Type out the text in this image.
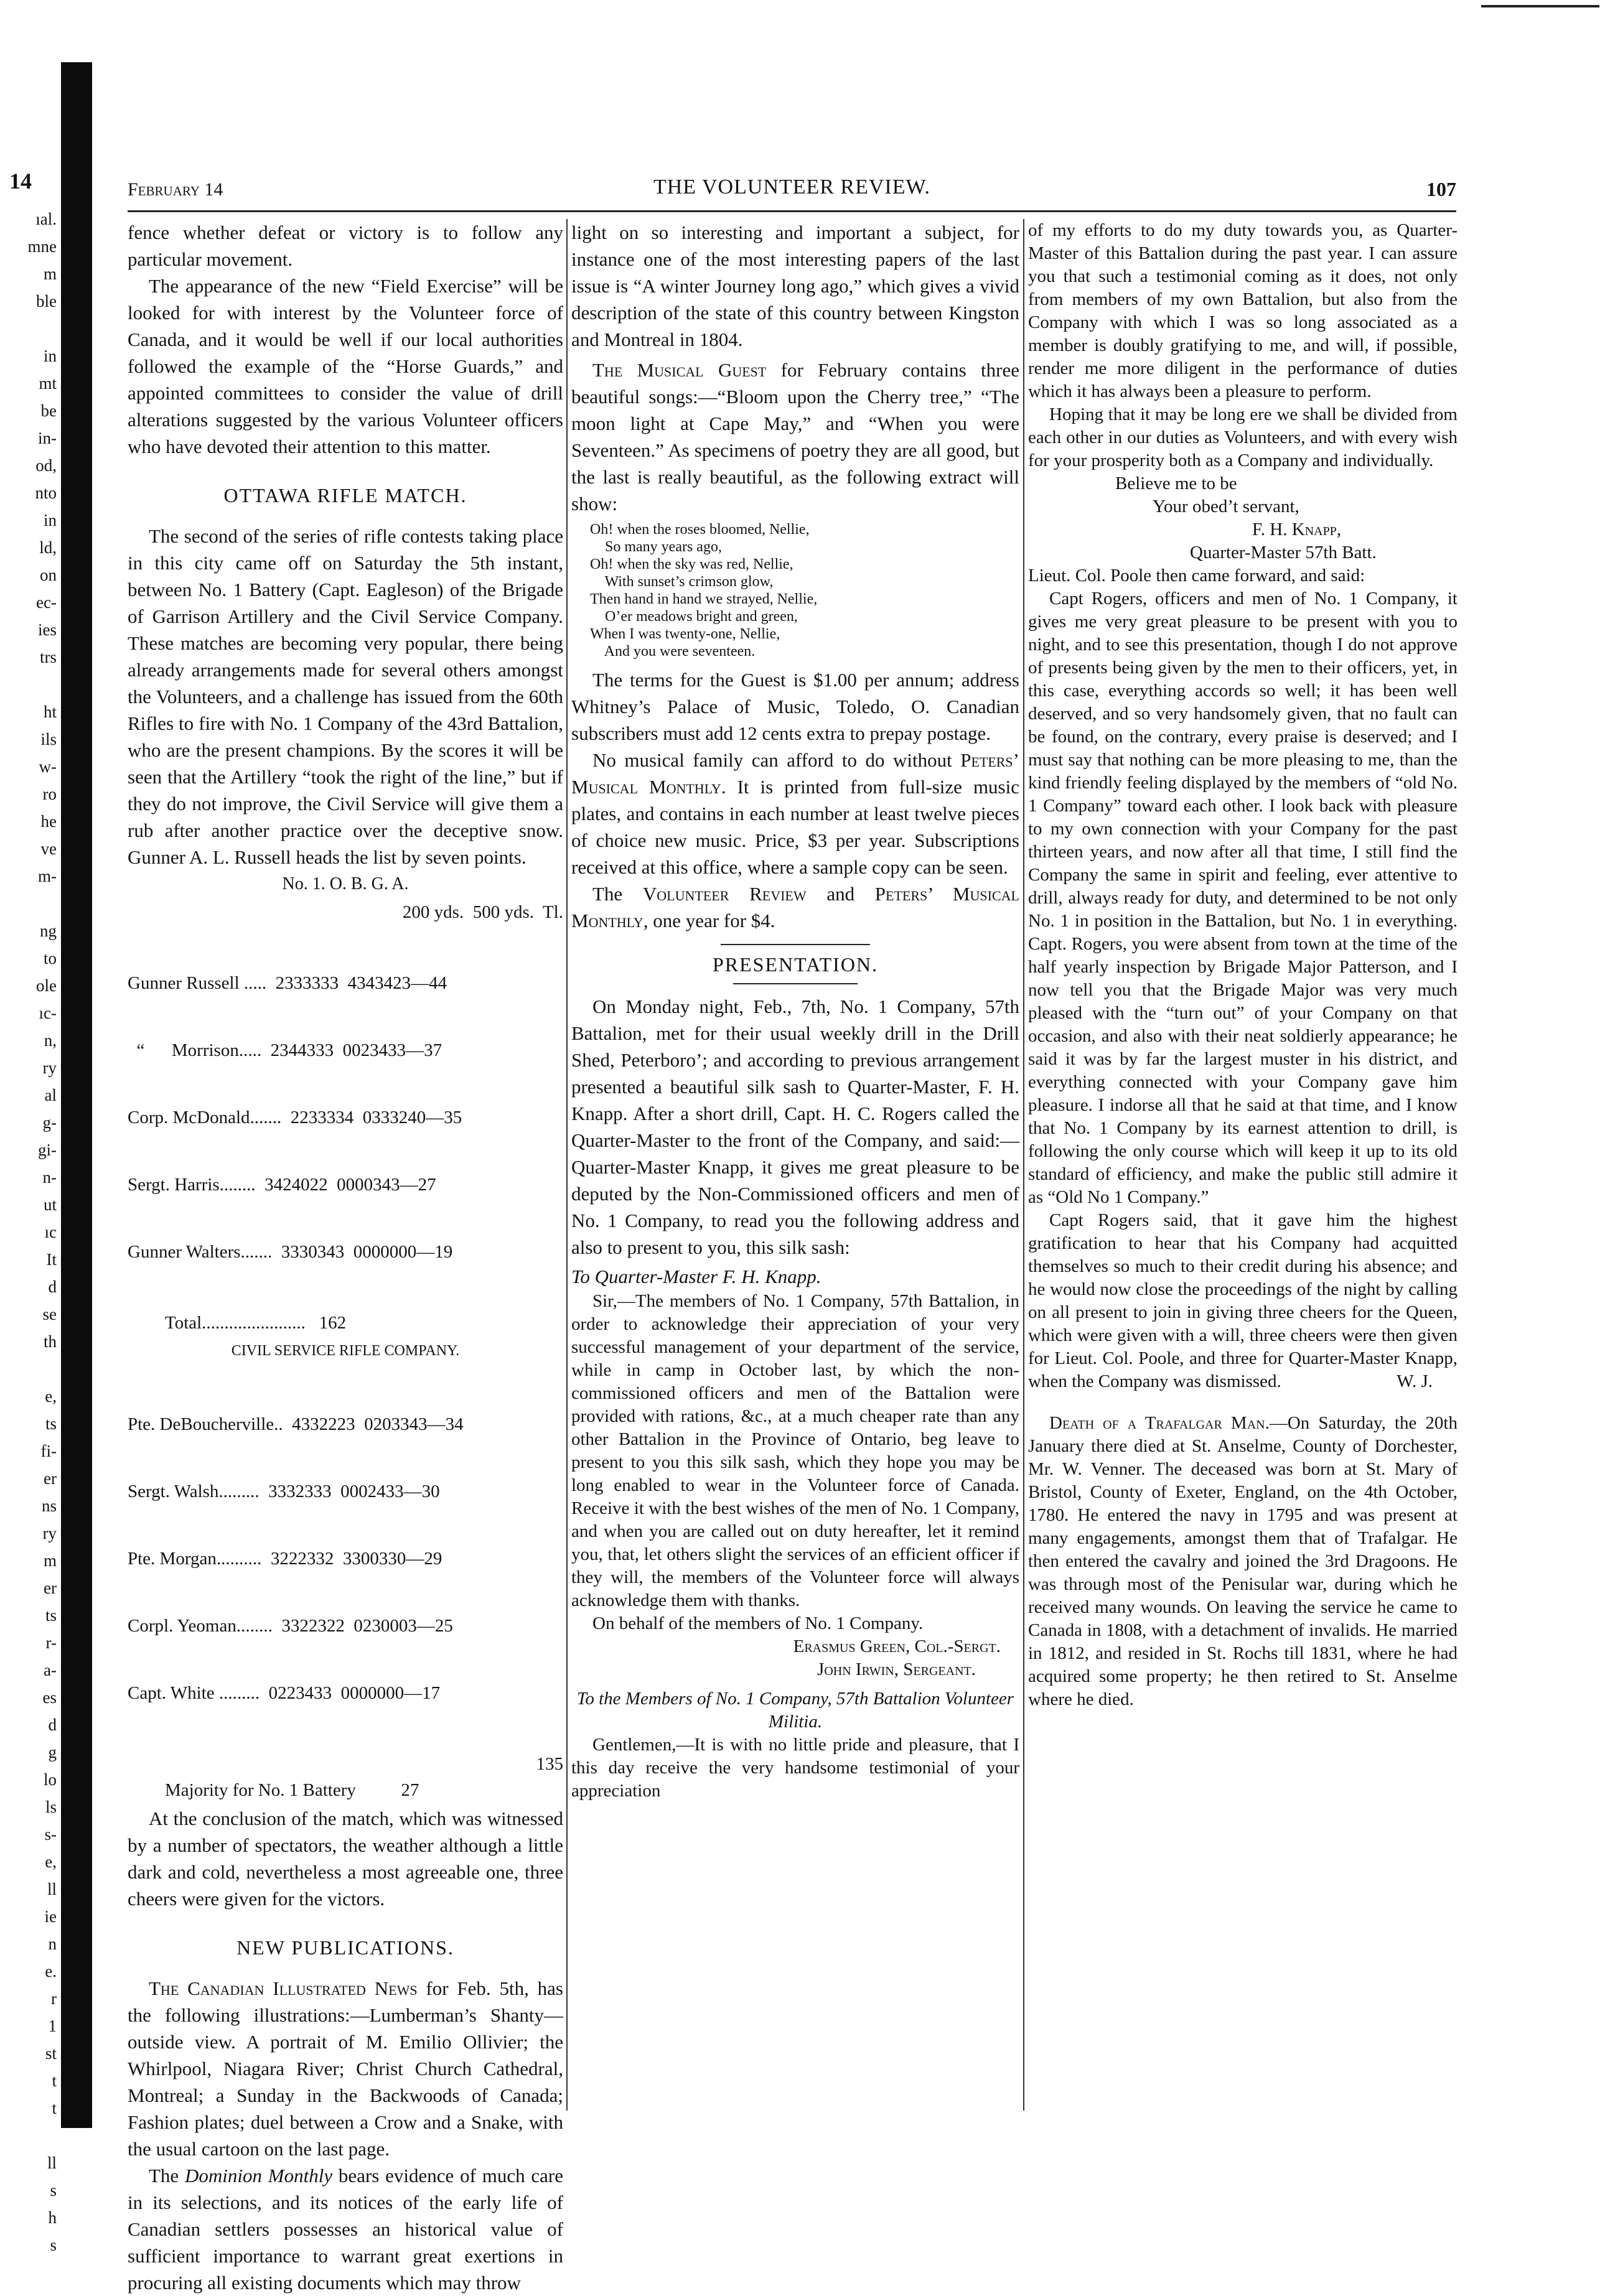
14
ıal.
mne
m
ble
in
mt
be
in-
od,
nto
in
ld,
on
ec-
ies
trs
ht
ils
w-
ro
he
ve
m-
ng
to
ole
ıc-
n,
ry
al
g-
gi-
n-
ut
ıc
It
d
se
th
e,
ts
fi-
er
ns
ry
m
er
ts
r-
a-
es
d
g
lo
ls
s-
e,
ll
ie
n
e.
r
1
st
t
t
ll
s
h
s
February 14	THE VOLUNTEER REVIEW.	107

fence whether defeat or victory is to follow any particular movement.

The appearance of the new “Field Exercise” will be looked for with interest by the Volunteer force of Canada, and it would be well if our local authorities followed the example of the “Horse Guards,” and appointed committees to consider the value of drill alterations suggested by the various Volunteer officers who have devoted their attention to this matter.

OTTAWA RIFLE MATCH.

The second of the series of rifle contests taking place in this city came off on Saturday the 5th instant, between No. 1 Battery (Capt. Eagleson) of the Brigade of Garrison Artillery and the Civil Service Company. These matches are becoming very popular, there being already arrangements made for several others amongst the Volunteers, and a challenge has issued from the 60th Rifles to fire with No. 1 Company of the 43rd Battalion, who are the present champions. By the scores it will be seen that the Artillery “took the right of the line,” but if they do not improve, the Civil Service will give them a rub after another practice over the deceptive snow. Gunner A. L. Russell heads the list by seven points.

No. 1. O. B. G. A.
200 yds.  500 yds.  Tl.

Gunner Russell .....  2333333  4343423—44

“      Morrison.....  2344333  0023433—37

Corp. McDonald.......  2233334  0333240—35

Sergt. Harris........  3424022  0000343—27

Gunner Walters.......  3330343  0000000—19

Total.......................   162
CIVIL SERVICE RIFLE COMPANY.

Pte. DeBoucherville..  4332223  0203343—34

Sergt. Walsh.........  3332333  0002433—30

Pte. Morgan..........  3222332  3300330—29

Corpl. Yeoman........  3322322  0230003—25

Capt. White .........  0223433  0000000—17

135
Majority for No. 1 Battery          27

At the conclusion of the match, which was witnessed by a number of spectators, the weather although a little dark and cold, nevertheless a most agreeable one, three cheers were given for the victors.

NEW PUBLICATIONS.

The Canadian Illustrated News for Feb. 5th, has the following illustrations:—Lumberman’s Shanty—outside view. A portrait of M. Emilio Ollivier; the Whirlpool, Niagara River; Christ Church Cathedral, Montreal; a Sunday in the Backwoods of Canada; Fashion plates; duel between a Crow and a Snake, with the usual cartoon on the last page.

The Dominion Monthly bears evidence of much care in its selections, and its notices of the early life of Canadian settlers possesses an historical value of sufficient importance to warrant great exertions in procuring all existing documents which may throw

light on so interesting and important a subject, for instance one of the most interesting papers of the last issue is “A winter Journey long ago,” which gives a vivid description of the state of this country between Kingston and Montreal in 1804.

The Musical Guest for February contains three beautiful songs:—“Bloom upon the Cherry tree,” “The moon light at Cape May,” and “When you were Seventeen.” As specimens of poetry they are all good, but the last is really beautiful, as the following extract will show:

Oh! when the roses bloomed, Nellie,
So many years ago,
Oh! when the sky was red, Nellie,
With sunset’s crimson glow,
Then hand in hand we strayed, Nellie,
O’er meadows bright and green,
When I was twenty-one, Nellie,
And you were seventeen.

The terms for the Guest is $1.00 per annum; address Whitney’s Palace of Music, Toledo, O. Canadian subscribers must add 12 cents extra to prepay postage.

No musical family can afford to do without Peters’ Musical Monthly. It is printed from full-size music plates, and contains in each number at least twelve pieces of choice new music. Price, $3 per year. Subscriptions received at this office, where a sample copy can be seen.

The Volunteer Review and Peters’ Musical Monthly, one year for $4.

PRESENTATION.

On Monday night, Feb., 7th, No. 1 Company, 57th Battalion, met for their usual weekly drill in the Drill Shed, Peterboro’; and according to previous arrangement presented a beautiful silk sash to Quarter-Master, F. H. Knapp. After a short drill, Capt. H. C. Rogers called the Quarter-Master to the front of the Company, and said:—Quarter-Master Knapp, it gives me great pleasure to be deputed by the Non-Commissioned officers and men of No. 1 Company, to read you the following address and also to present to you, this silk sash:

To Quarter-Master F. H. Knapp.

Sir,—The members of No. 1 Company, 57th Battalion, in order to acknowledge their appreciation of your very successful management of your department of the service, while in camp in October last, by which the non-commissioned officers and men of the Battalion were provided with rations, &c., at a much cheaper rate than any other Battalion in the Province of Ontario, beg leave to present to you this silk sash, which they hope you may be long enabled to wear in the Volunteer force of Canada. Receive it with the best wishes of the men of No. 1 Company, and when you are called out on duty hereafter, let it remind you, that, let others slight the services of an efficient officer if they will, the members of the Volunteer force will always acknowledge them with thanks.

On behalf of the members of No. 1 Company.

Erasmus Green, Col.-Sergt.
John Irwin, Sergeant.

To the Members of No. 1 Company, 57th Battalion Volunteer Militia.

Gentlemen,—It is with no little pride and pleasure, that I this day receive the very handsome testimonial of your appreciation

of my efforts to do my duty towards you, as Quarter-Master of this Battalion during the past year. I can assure you that such a testimonial coming as it does, not only from members of my own Battalion, but also from the Company with which I was so long associated as a member is doubly gratifying to me, and will, if possible, render me more diligent in the performance of duties which it has always been a pleasure to perform.

Hoping that it may be long ere we shall be divided from each other in our duties as Volunteers, and with every wish for your prosperity both as a Company and individually.

Believe me to be
Your obed’t servant,
F. H. Knapp,
Quarter-Master 57th Batt.

Lieut. Col. Poole then came forward, and said:

Capt Rogers, officers and men of No. 1 Company, it gives me very great pleasure to be present with you to night, and to see this presentation, though I do not approve of presents being given by the men to their officers, yet, in this case, everything accords so well; it has been well deserved, and so very handsomely given, that no fault can be found, on the contrary, every praise is deserved; and I must say that nothing can be more pleasing to me, than the kind friendly feeling displayed by the members of “old No. 1 Company” toward each other. I look back with pleasure to my own connection with your Company for the past thirteen years, and now after all that time, I still find the Company the same in spirit and feeling, ever attentive to drill, always ready for duty, and determined to be not only No. 1 in position in the Battalion, but No. 1 in everything. Capt. Rogers, you were absent from town at the time of the half yearly inspection by Brigade Major Patterson, and I now tell you that the Brigade Major was very much pleased with the “turn out” of your Company on that occasion, and also with their neat soldierly appearance; he said it was by far the largest muster in his district, and everything connected with your Company gave him pleasure. I indorse all that he said at that time, and I know that No. 1 Company by its earnest attention to drill, is following the only course which will keep it up to its old standard of efficiency, and make the public still admire it as “Old No 1 Company.”

Capt Rogers said, that it gave him the highest gratification to hear that his Company had acquitted themselves so much to their credit during his absence; and he would now close the proceedings of the night by calling on all present to join in giving three cheers for the Queen, which were given with a will, three cheers were then given for Lieut. Col. Poole, and three for Quarter-Master Knapp, when the Company was dismissed.	W. J.

Death of a Trafalgar Man.—On Saturday, the 20th January there died at St. Anselme, County of Dorchester, Mr. W. Venner. The deceased was born at St. Mary of Bristol, County of Exeter, England, on the 4th October, 1780. He entered the navy in 1795 and was present at many engagements, amongst them that of Trafalgar. He then entered the cavalry and joined the 3rd Dragoons. He was through most of the Penisular war, during which he received many wounds. On leaving the service he came to Canada in 1808, with a detachment of invalids. He married in 1812, and resided in St. Rochs till 1831, where he had acquired some property; he then retired to St. Anselme where he died.
